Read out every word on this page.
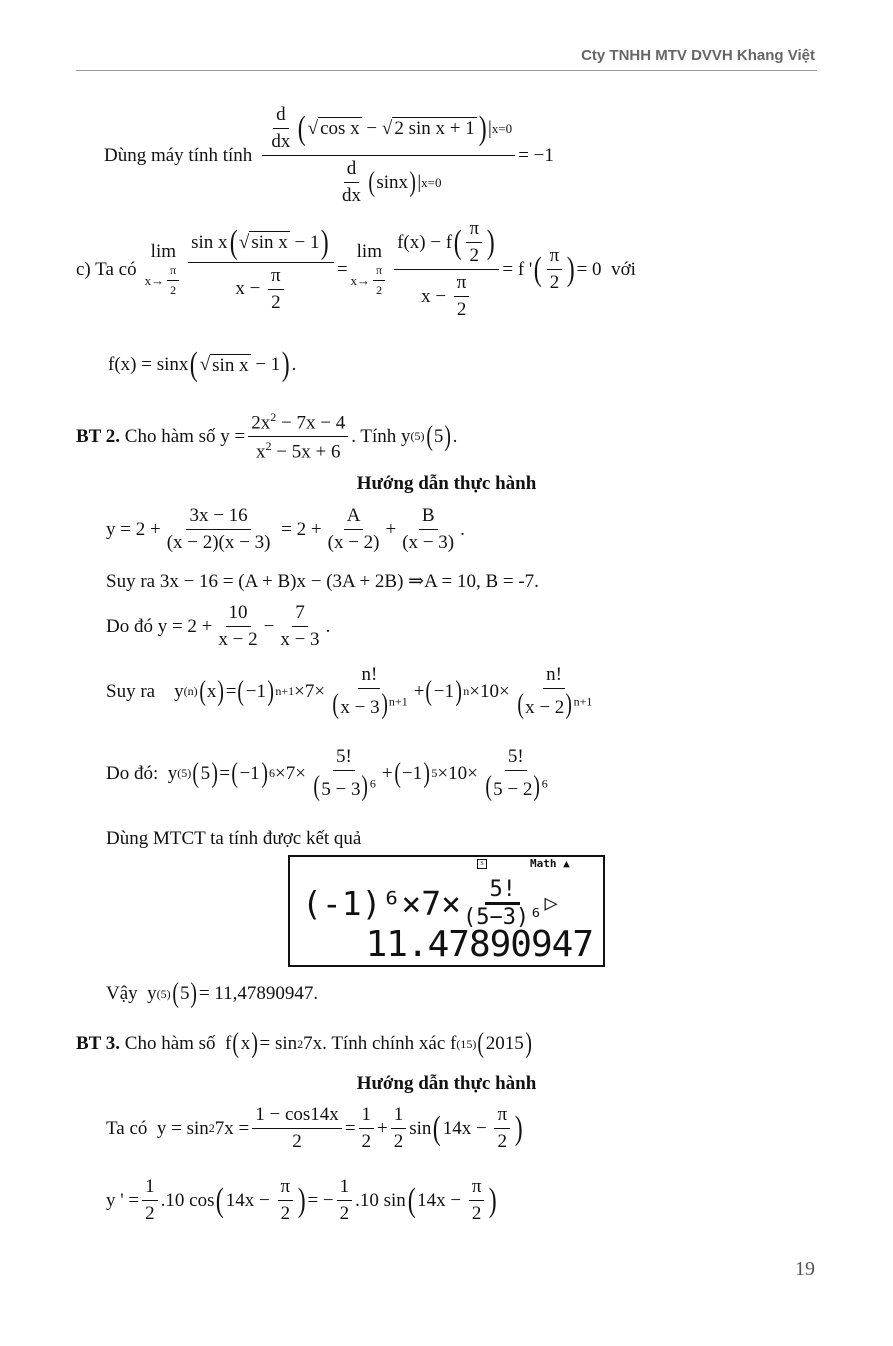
Cty TNHH MTV DVVH Khang Việt
Dùng máy tính tính
d
dx ( √ cos x − √ 2 sin x + 1 ) | x=0
d
dx ( sinx ) | x=0
= −1
c) Ta có
lim
x→
π
2 sin x ( √ sin x − 1 )
x −
π
2 =
lim
x→
π
2 f(x) − f ( π
2 )
x −
π
2 = f ' ( π
2 ) = 0 với
f(x) = sinx ( √ sin x − 1 ) .
BT 2.
Cho hàm số $y = \frac{2x^2 - 7x - 4}{x^2 - 5x + 6}$ . Tính y (5) ( 5 ) .
Hướng dẫn thực hành
$y = 2 + \frac{3x - 16}{(x - 2)(x - 3)} = 2 + \frac{A}{(x - 2)}$ +
B
(x − 3)
.
Suy ra 3x − 16 = (A + B)x − (3A + 2B) ⇒A = 10, B = -7.
Do đó $y = 2 + \frac{10}{x - 2}$ −
7
x − 3
.
Suy ra y (n) ( x ) = ( −1 ) n+1 ×7×
n!
$(x - 3)^{n+1}$
+ ( −1 ) n ×10×
n!
$(x - 2)^{n+1}$
Do đó: y (5) ( 5 ) = ( −1 ) 6 ×7×
5!
$(5 - 3)^6$
+ ( −1 ) 5 ×10×
5!
$(5 - 2)^6$
Dùng MTCT ta tính được kết quả
S	Math ▲
$(-1)^6\times 7\times \frac{5!}{\text{(5−3)⁶}}$ ▷
11.47890947
Vậy y (5) ( 5 ) = 11,47890947.
BT 3.
Cho hàm số f ( x ) = sin 2 7x . Tính chính xác f (15) ( 2015 )
Hướng dẫn thực hành
Ta có y = sin 2 7x =
1 − cos14x
2
=
1
2
+
1
2
sin ( 14x −
π
2 )
y ' =
1
2
.10 cos ( 14x −
π
2 ) = −
1
2
.10 sin ( 14x −
π
2 )
19
